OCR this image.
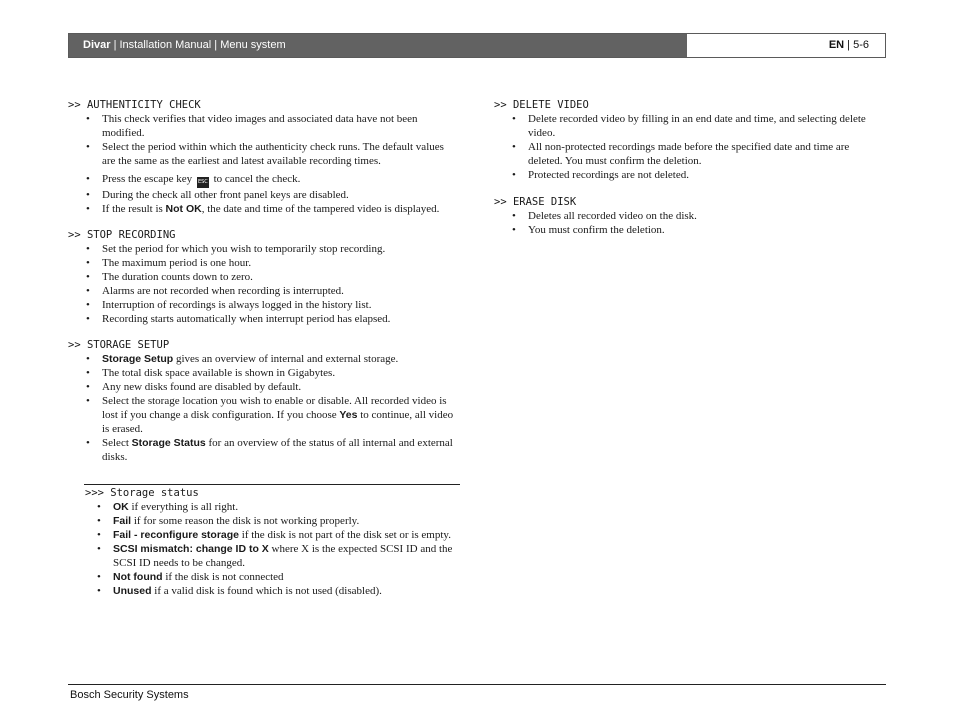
Divar | Installation Manual | Menu system	EN | 5-6

>> AUTHENTICITY CHECK

• This check verifies that video images and associated data have not been modified.
• Select the period within which the authenticity check runs. The default values are the same as the earliest and latest available recording times.
• Press the escape key ESC to cancel the check.
• During the check all other front panel keys are disabled.
• If the result is Not OK, the date and time of the tampered video is displayed.

>> STOP RECORDING

• Set the period for which you wish to temporarily stop recording.
• The maximum period is one hour.
• The duration counts down to zero.
• Alarms are not recorded when recording is interrupted.
• Interruption of recordings is always logged in the history list.
• Recording starts automatically when interrupt period has elapsed.

>> STORAGE SETUP

• Storage Setup gives an overview of internal and external storage.
• The total disk space available is shown in Gigabytes.
• Any new disks found are disabled by default.
• Select the storage location you wish to enable or disable. All recorded video is lost if you change a disk configuration. If you choose Yes to continue, all video is erased.
• Select Storage Status for an overview of the status of all internal and external disks.

>>> Storage status

• OK if everything is all right.
• Fail if for some reason the disk is not working properly.
• Fail - reconfigure storage if the disk is not part of the disk set or is empty.
• SCSI mismatch: change ID to X where X is the expected SCSI ID and the SCSI ID needs to be changed.
• Not found if the disk is not connected
• Unused if a valid disk is found which is not used (disabled).

>> DELETE VIDEO

• Delete recorded video by filling in an end date and time, and selecting delete video.
• All non-protected recordings made before the specified date and time are deleted. You must confirm the deletion.
• Protected recordings are not deleted.

>> ERASE DISK

• Deletes all recorded video on the disk.
• You must confirm the deletion.
Bosch Security Systems
